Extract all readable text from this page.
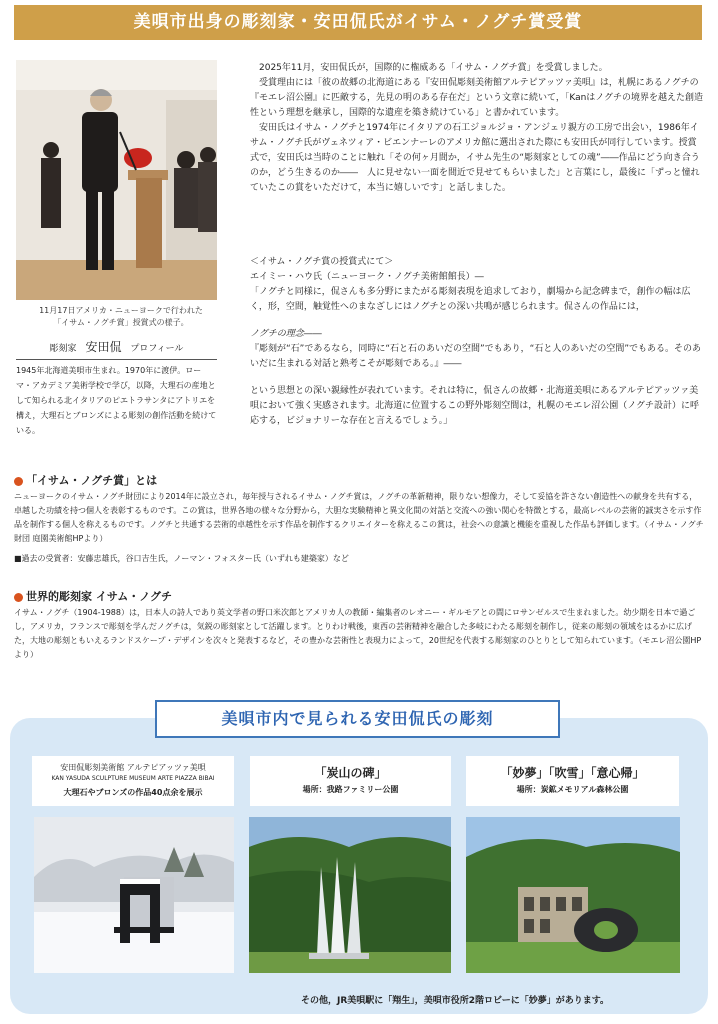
美唄市出身の彫刻家・安田侃氏がイサム・ノグチ賞受賞
11月17日アメリカ・ニューヨークで行われた
「イサム・ノグチ賞」授賞式の様子。
彫刻家 安田侃 プロフィール
1945年北海道美唄市生まれ。1970年に渡伊。ローマ・アカデミア美術学校で学び，以降，大理石の産地として知られる北イタリアのピエトラサンタにアトリエを構え，大理石とブロンズによる彫刻の創作活動を続けている。

2025年11月，安田侃氏が，国際的に権威ある「イサム・ノグチ賞」を受賞しました。

受賞理由には「彼の故郷の北海道にある『安田侃彫刻美術館アルテピアッツァ美唄』は，札幌にあるノグチの『モエレ沼公園』に匹敵する，先見の明のある存在だ」という文章に続いて，「Kanはノグチの境界を越えた創造性という理想を継承し，国際的な遺産を築き続けている」と書かれています。

安田氏はイサム・ノグチと1974年にイタリアの石工ジョルジョ・アンジェリ親方の工房で出会い，1986年イサム・ノグチ氏がヴェネツィア・ビエンナーレのアメリカ館に選出された際にも安田氏が同行しています。授賞式で，安田氏は当時のことに触れ「その何ヶ月間か，イサム先生の“彫刻家としての魂”――作品にどう向き合うのか，どう生きるのか――　人に見せない一面を間近で見せてもらいました」と言葉にし，最後に「ずっと憧れていたこの賞をいただけて，本当に嬉しいです」と話しました。

＜イサム・ノグチ賞の授賞式にて＞
エイミー・ハウ氏（ニューヨーク・ノグチ美術館館長）―
「ノグチと同様に，侃さんも多分野にまたがる彫刻表現を追求しており，劇場から記念碑まで，創作の幅は広く，形，空間，触覚性へのまなざしにはノグチとの深い共鳴が感じられます。侃さんの作品には，
ノグチの理念――
『彫刻が“石”であるなら，同時に“石と石のあいだの空間”でもあり，“石と人のあいだの空間”でもある。そのあいだに生まれる対話と熟考こそが彫刻である。』――
という思想との深い親縁性が表れています。それは特に，侃さんの故郷・北海道美唄にあるアルテピアッツァ美唄において強く実感されます。北海道に位置するこの野外彫刻空間は，札幌のモエレ沼公園（ノグチ設計）に呼応する，ビジョナリーな存在と言えるでしょう。」
「イサム・ノグチ賞」とは
ニューヨークのイサム・ノグチ財団により2014年に設立され，毎年授与されるイサム・ノグチ賞は，ノグチの革新精神，限りない想像力，そして妥協を許さない創造性への献身を共有する，卓越した功績を持つ個人を表彰するものです。この賞は，世界各地の様々な分野から，大胆な実験精神と異文化間の対話と交流への強い関心を特徴とする，最高レベルの芸術的誠実さを示す作品を制作する個人を称えるものです。ノグチと共通する芸術的卓越性を示す作品を制作するクリエイターを称えるこの賞は，社会への意識と機能を重視した作品も評価します。（イサム・ノグチ財団 庭園美術館HPより）
■過去の受賞者：安藤忠雄氏，谷口吉生氏，ノーマン・フォスター氏（いずれも建築家）など
世界的彫刻家 イサム・ノグチ
イサム・ノグチ（1904-1988）は，日本人の詩人であり英文学者の野口米次郎とアメリカ人の教師・編集者のレオニー・ギルモアとの間にロサンゼルスで生まれました。幼少期を日本で過ごし，アメリカ，フランスで彫刻を学んだノグチは，気鋭の彫刻家として活躍します。とりわけ戦後，東西の芸術精神を融合した多岐にわたる彫刻を制作し，従来の彫刻の領域をはるかに広げた，大地の彫刻ともいえるランドスケープ・デザインを次々と発表するなど，その豊かな芸術性と表現力によって，20世紀を代表する彫刻家のひとりとして知られています。（モエレ沼公園HPより）
美唄市内で見られる安田侃氏の彫刻
安田侃彫刻美術館 アルテピアッツァ美唄
KAN YASUDA SCULPTURE MUSEUM ARTE PIAZZA BIBAI
大理石やブロンズの作品40点余を展示
「炭山の碑」
場所：我路ファミリー公園
「妙夢」「吹雪」「意心帰」
場所：炭鉱メモリアル森林公園
その他，JR美唄駅に「翔生」，美唄市役所2階ロビーに「妙夢」があります。
